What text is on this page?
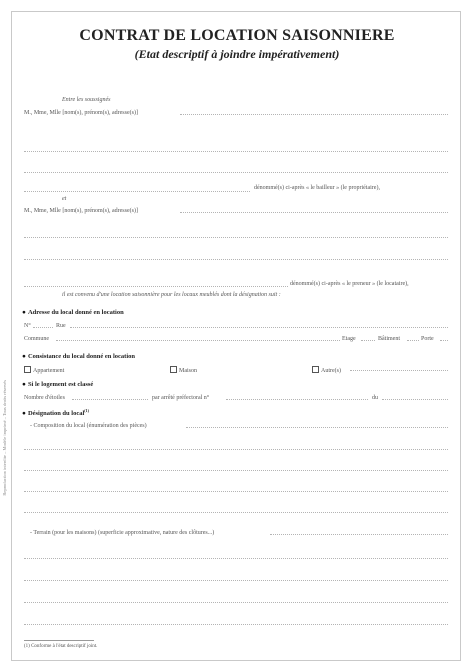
CONTRAT DE LOCATION SAISONNIERE
(Etat descriptif à joindre impérativement)
Entre les soussignés
M., Mme, Mlle [nom(s), prénom(s), adresse(s)]
dénommé(s) ci-après « le bailleur » (le propriétaire),
et
M., Mme, Mlle [nom(s), prénom(s), adresse(s)]
dénommé(s) ci-après « le preneur » (le locataire),
il est convenu d'une location saisonnière pour les locaux meublés dont la désignation suit :
● Adresse du local donné en location
N°	Rue
Commune	Etage	Bâtiment	Porte
● Consistance du local donné en location
Appartement	Maison	Autre(s)
● Si le logement est classé
Nombre d'étoiles	par arrêté préfectoral n°	du
● Désignation du local$^{(1)}$
- Composition du local (énumération des pièces)
- Terrain (pour les maisons) (superficie approximative, nature des clôtures...)
(1) Conforme à l'état descriptif joint.
Reproduction interdite – Modèle imprimé – Tous droits réservés
